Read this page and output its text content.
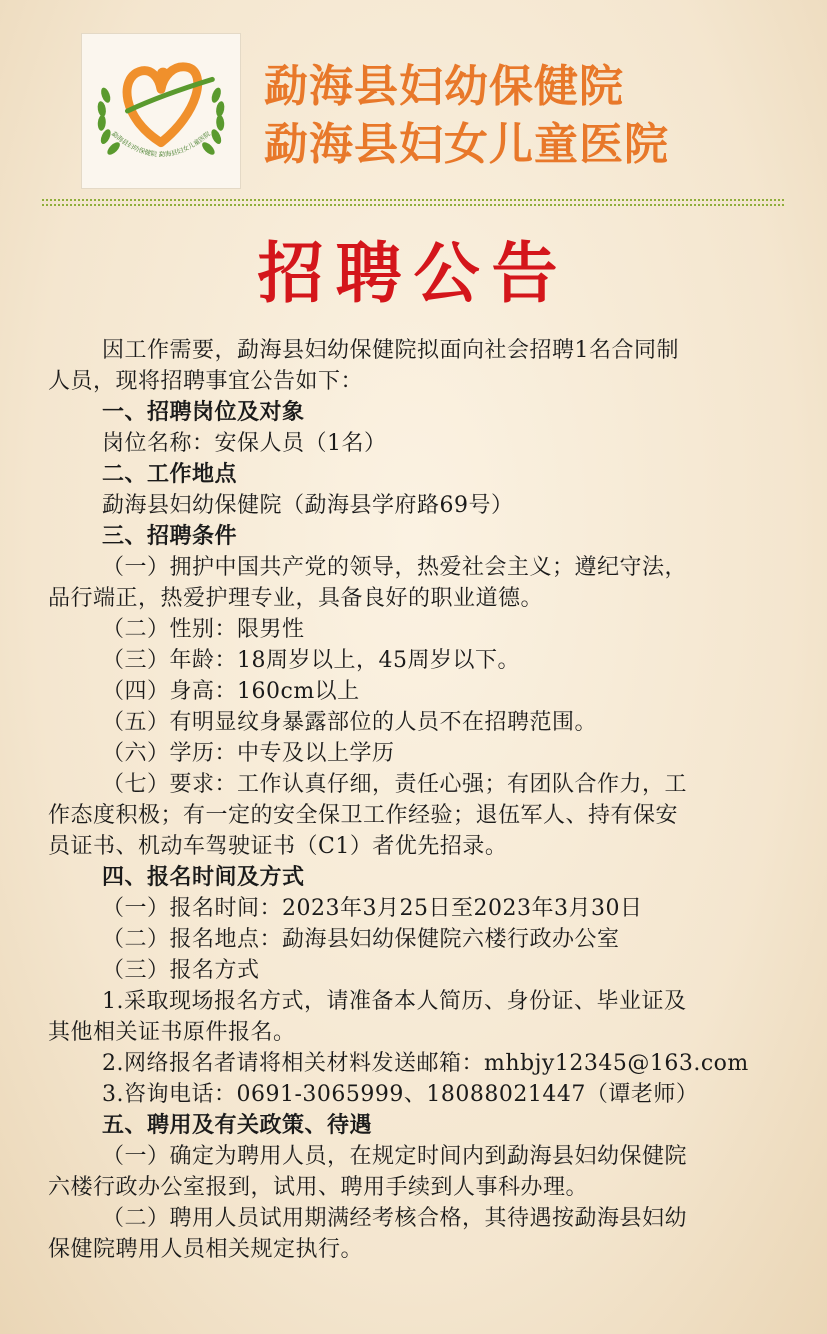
勐海县妇幼保健院 勐海县妇女儿童医院
勐海县妇幼保健院
勐海县妇女儿童医院
招聘公告
因工作需要，勐海县妇幼保健院拟面向社会招聘1名合同制
人员，现将招聘事宜公告如下：
一、招聘岗位及对象
岗位名称：安保人员（1名）
二、工作地点
勐海县妇幼保健院（勐海县学府路69号）
三、招聘条件
（一）拥护中国共产党的领导，热爱社会主义；遵纪守法，
品行端正，热爱护理专业，具备良好的职业道德。
（二）性别：限男性
（三）年龄：18周岁以上，45周岁以下。
（四）身高：160cm以上
（五）有明显纹身暴露部位的人员不在招聘范围。
（六）学历：中专及以上学历
（七）要求：工作认真仔细，责任心强；有团队合作力，工
作态度积极；有一定的安全保卫工作经验；退伍军人、持有保安
员证书、机动车驾驶证书（C1）者优先招录。
四、报名时间及方式
（一）报名时间：2023年3月25日至2023年3月30日
（二）报名地点：勐海县妇幼保健院六楼行政办公室
（三）报名方式
1.采取现场报名方式，请准备本人简历、身份证、毕业证及
其他相关证书原件报名。
2.网络报名者请将相关材料发送邮箱：mhbjy12345@163.com
3.咨询电话：0691-3065999、18088021447（谭老师）
五、聘用及有关政策、待遇
（一）确定为聘用人员，在规定时间内到勐海县妇幼保健院
六楼行政办公室报到，试用、聘用手续到人事科办理。
（二）聘用人员试用期满经考核合格，其待遇按勐海县妇幼
保健院聘用人员相关规定执行。
